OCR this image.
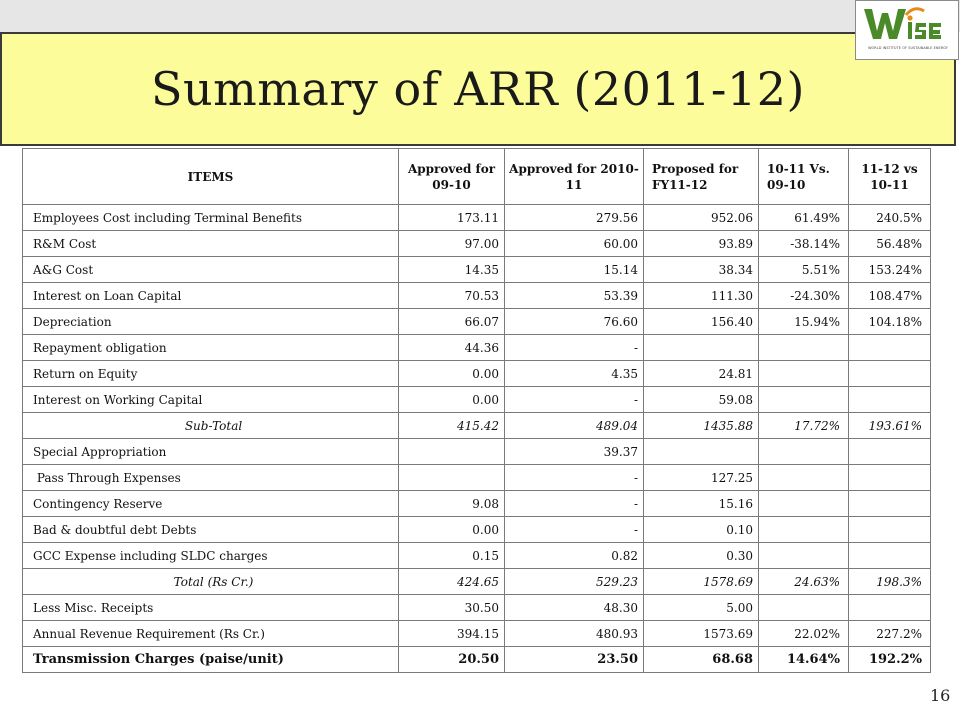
Summary of ARR (2011-12)
WORLD INSTITUTE OF SUSTAINABLE ENERGY
ITEMS	Approved for 09-10	Approved for 2010-11	Proposed for FY11-12	10-11 Vs. 09-10	11-12 vs 10-11
Employees Cost including Terminal Benefits	173.11	279.56	952.06	61.49%	240.5%
R&M Cost	97.00	60.00	93.89	-38.14%	56.48%
A&G Cost	14.35	15.14	38.34	5.51%	153.24%
Interest on Loan Capital	70.53	53.39	111.30	-24.30%	108.47%
Depreciation	66.07	76.60	156.40	15.94%	104.18%
Repayment obligation	44.36	-			
Return on Equity	0.00	4.35	24.81		
Interest on Working Capital	0.00	-	59.08		
Sub-Total	415.42	489.04	1435.88	17.72%	193.61%
Special Appropriation		39.37			
Pass Through Expenses		-	127.25		
Contingency Reserve	9.08	-	15.16		
Bad & doubtful debt Debts	0.00	-	0.10		
GCC Expense including SLDC charges	0.15	0.82	0.30		
Total (Rs Cr.)	424.65	529.23	1578.69	24.63%	198.3%
Less Misc. Receipts	30.50	48.30	5.00		
Annual Revenue Requirement (Rs Cr.)	394.15	480.93	1573.69	22.02%	227.2%
Transmission Charges (paise/unit)	20.50	23.50	68.68	14.64%	192.2%
16
